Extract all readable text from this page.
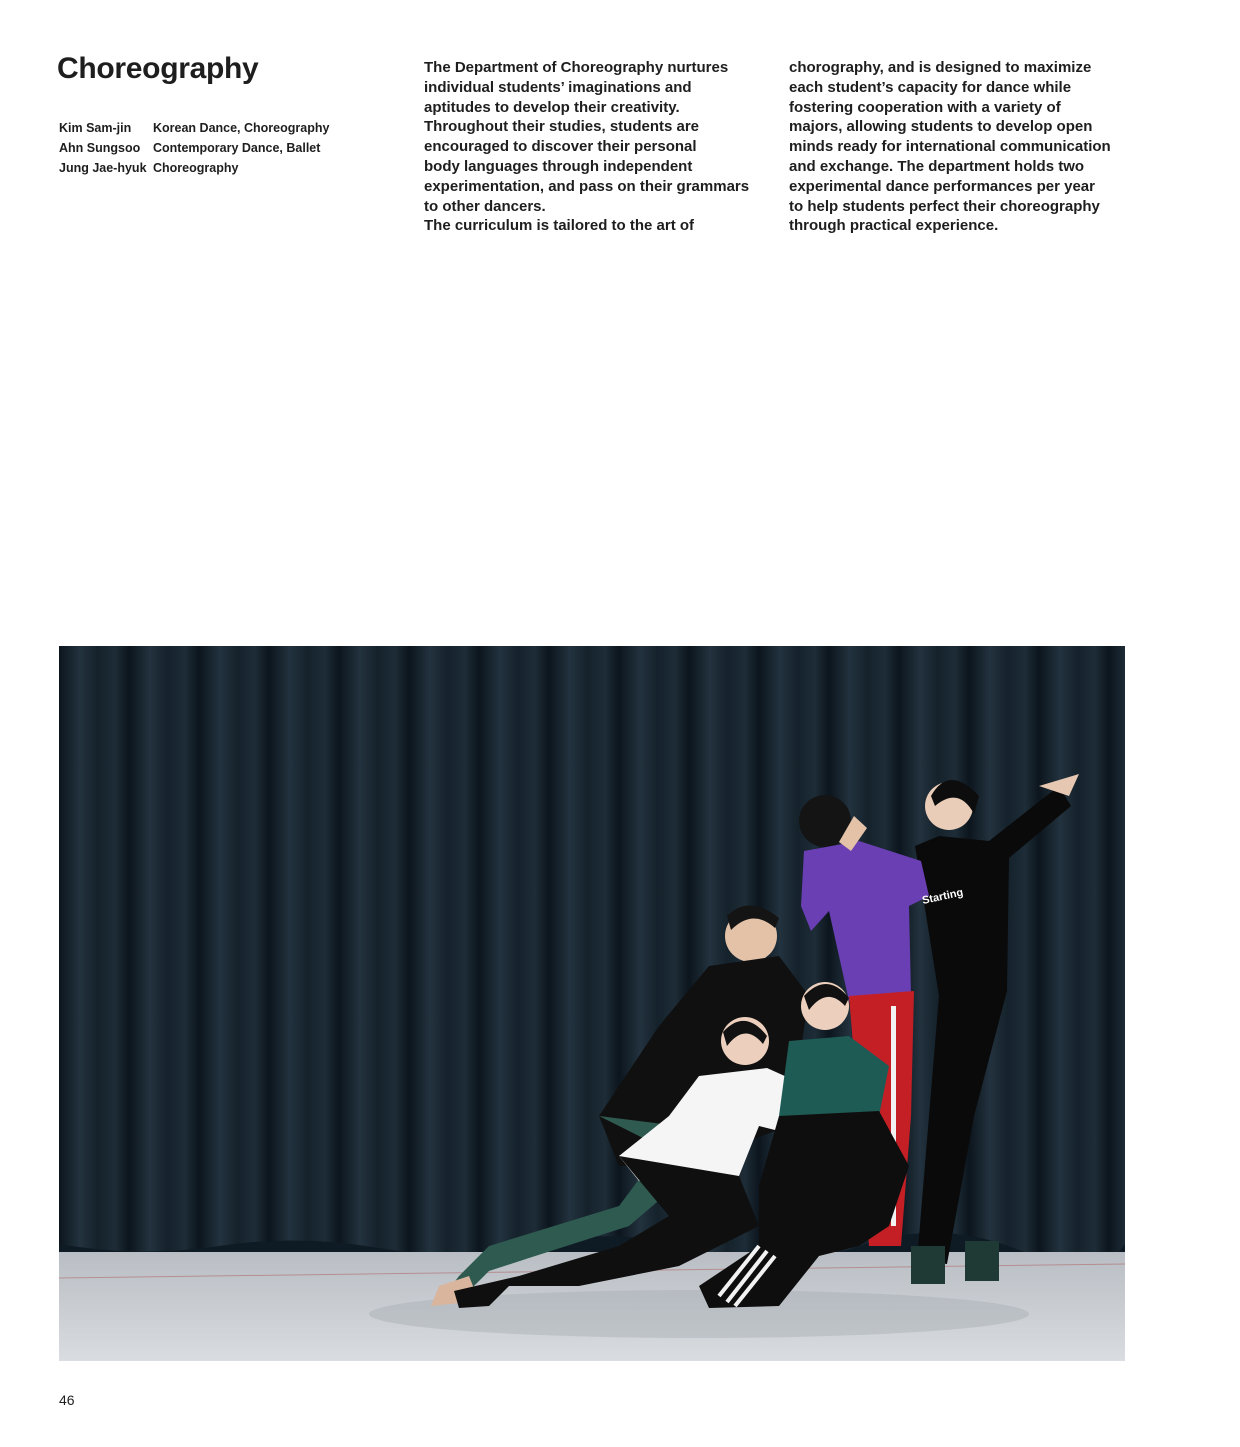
Choreography
Kim Sam-jin	Korean Dance, Choreography
Ahn Sungsoo	Contemporary Dance, Ballet
Jung Jae-hyuk	Choreography
The Department of Choreography nurtures
individual students’ imaginations and
aptitudes to develop their creativity.
Throughout their studies, students are
encouraged to discover their personal
body languages through independent
experimentation, and pass on their grammars
to other dancers.
The curriculum is tailored to the art of
chorography, and is designed to maximize
each student’s capacity for dance while
fostering cooperation with a variety of
majors, allowing students to develop open
minds ready for international communication
and exchange. The department holds two
experimental dance performances per year
to help students perfect their choreography
through practical experience.
Starting
46
